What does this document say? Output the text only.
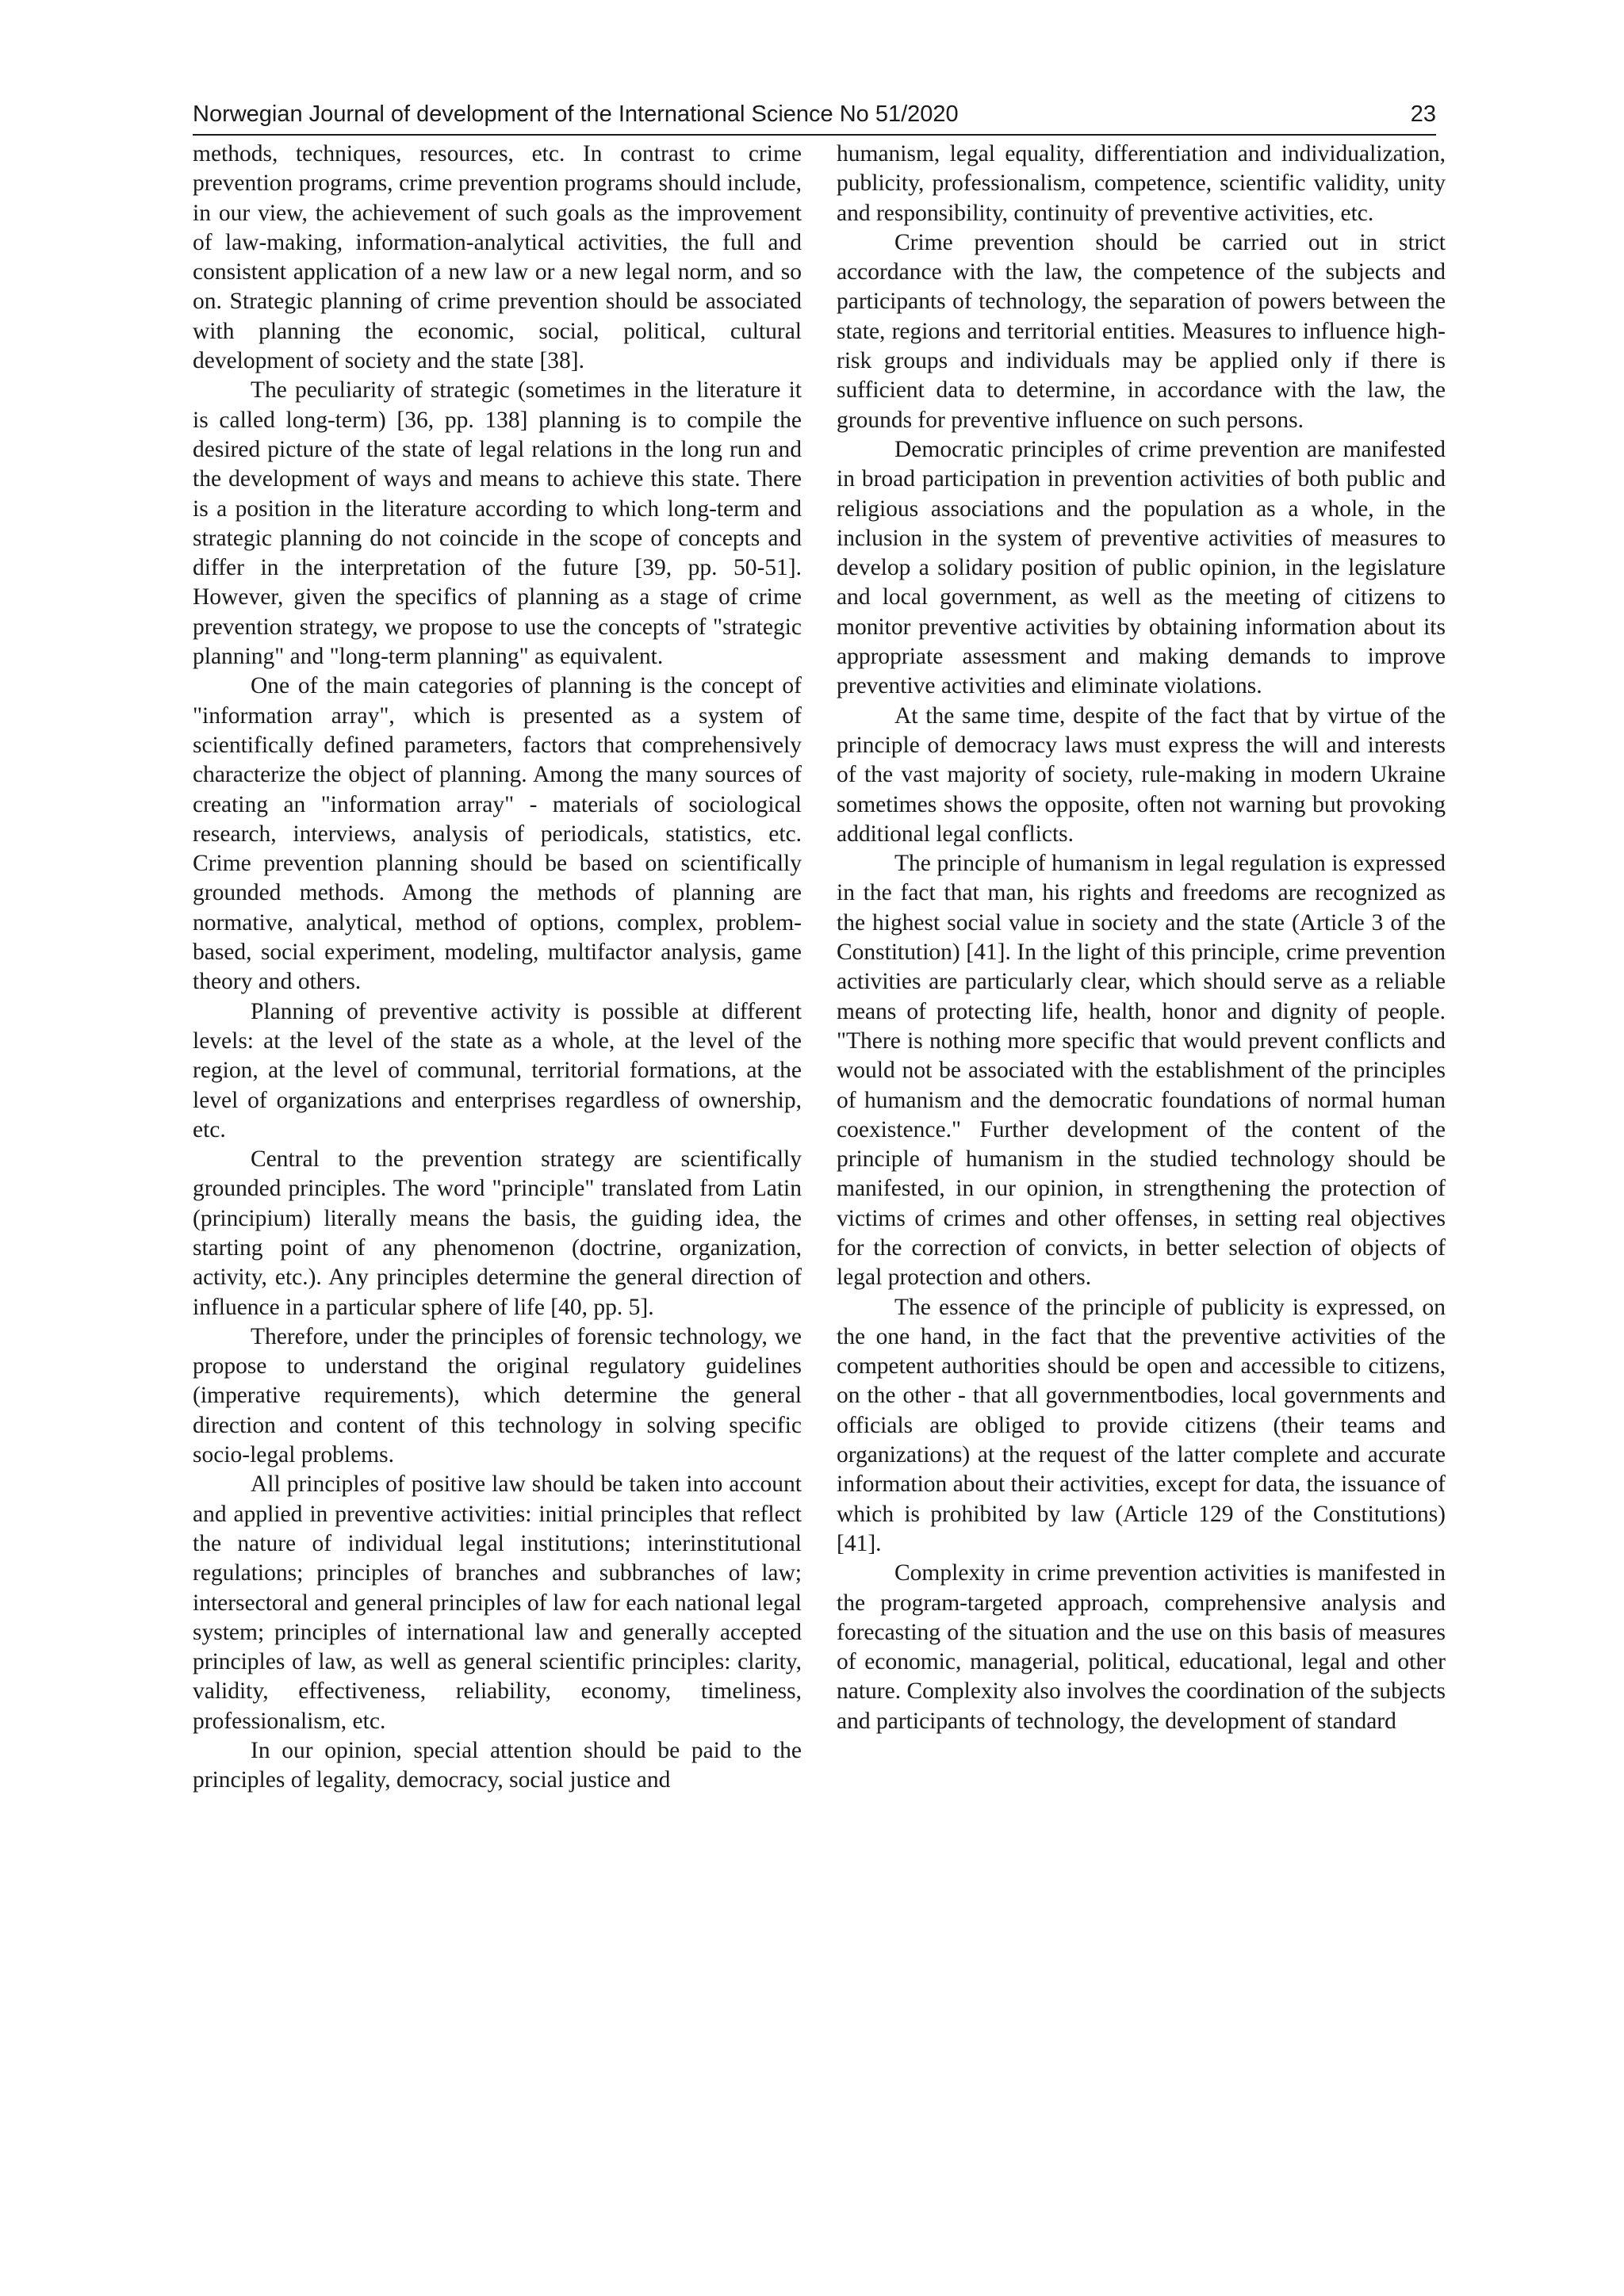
Norwegian Journal of development of the International Science No 51/2020	23

methods, techniques, resources, etc. In contrast to crime prevention programs, crime prevention programs should include, in our view, the achievement of such goals as the improvement of law-making, information-analytical activities, the full and consistent application of a new law or a new legal norm, and so on. Strategic planning of crime prevention should be associated with planning the economic, social, political, cultural development of society and the state [38].

The peculiarity of strategic (sometimes in the literature it is called long-term) [36, pp. 138] planning is to compile the desired picture of the state of legal relations in the long run and the development of ways and means to achieve this state. There is a position in the literature according to which long-term and strategic planning do not coincide in the scope of concepts and differ in the interpretation of the future [39, pp. 50-51]. However, given the specifics of planning as a stage of crime prevention strategy, we propose to use the concepts of "strategic planning" and "long-term planning" as equivalent.

One of the main categories of planning is the concept of "information array", which is presented as a system of scientifically defined parameters, factors that comprehensively characterize the object of planning. Among the many sources of creating an "information array" - materials of sociological research, interviews, analysis of periodicals, statistics, etc. Crime prevention planning should be based on scientifically grounded methods. Among the methods of planning are normative, analytical, method of options, complex, problem-based, social experiment, modeling, multifactor analysis, game theory and others.

Planning of preventive activity is possible at different levels: at the level of the state as a whole, at the level of the region, at the level of communal, territorial formations, at the level of organizations and enterprises regardless of ownership, etc.

Central to the prevention strategy are scientifically grounded principles. The word "principle" translated from Latin (principium) literally means the basis, the guiding idea, the starting point of any phenomenon (doctrine, organization, activity, etc.). Any principles determine the general direction of influence in a particular sphere of life [40, pp. 5].

Therefore, under the principles of forensic technology, we propose to understand the original regulatory guidelines (imperative requirements), which determine the general direction and content of this technology in solving specific socio-legal problems.

All principles of positive law should be taken into account and applied in preventive activities: initial principles that reflect the nature of individual legal institutions; interinstitutional regulations; principles of branches and subbranches of law; intersectoral and general principles of law for each national legal system; principles of international law and generally accepted principles of law, as well as general scientific principles: clarity, validity, effectiveness, reliability, economy, timeliness, professionalism, etc.

In our opinion, special attention should be paid to the principles of legality, democracy, social justice and

humanism, legal equality, differentiation and individualization, publicity, professionalism, competence, scientific validity, unity and responsibility, continuity of preventive activities, etc.

Crime prevention should be carried out in strict accordance with the law, the competence of the subjects and participants of technology, the separation of powers between the state, regions and territorial entities. Measures to influence high-risk groups and individuals may be applied only if there is sufficient data to determine, in accordance with the law, the grounds for preventive influence on such persons.

Democratic principles of crime prevention are manifested in broad participation in prevention activities of both public and religious associations and the population as a whole, in the inclusion in the system of preventive activities of measures to develop a solidary position of public opinion, in the legislature and local government, as well as the meeting of citizens to monitor preventive activities by obtaining information about its appropriate assessment and making demands to improve preventive activities and eliminate violations.

At the same time, despite of the fact that by virtue of the principle of democracy laws must express the will and interests of the vast majority of society, rule-making in modern Ukraine sometimes shows the opposite, often not warning but provoking additional legal conflicts.

The principle of humanism in legal regulation is expressed in the fact that man, his rights and freedoms are recognized as the highest social value in society and the state (Article 3 of the Constitution) [41]. In the light of this principle, crime prevention activities are particularly clear, which should serve as a reliable means of protecting life, health, honor and dignity of people. "There is nothing more specific that would prevent conflicts and would not be associated with the establishment of the principles of humanism and the democratic foundations of normal human coexistence." Further development of the content of the principle of humanism in the studied technology should be manifested, in our opinion, in strengthening the protection of victims of crimes and other offenses, in setting real objectives for the correction of convicts, in better selection of objects of legal protection and others.

The essence of the principle of publicity is expressed, on the one hand, in the fact that the preventive activities of the competent authorities should be open and accessible to citizens, on the other - that all governmentbodies, local governments and officials are obliged to provide citizens (their teams and organizations) at the request of the latter complete and accurate information about their activities, except for data, the issuance of which is prohibited by law (Article 129 of the Constitutions) [41].

Complexity in crime prevention activities is manifested in the program-targeted approach, comprehensive analysis and forecasting of the situation and the use on this basis of measures of economic, managerial, political, educational, legal and other nature. Complexity also involves the coordination of the subjects and participants of technology, the development of standard
